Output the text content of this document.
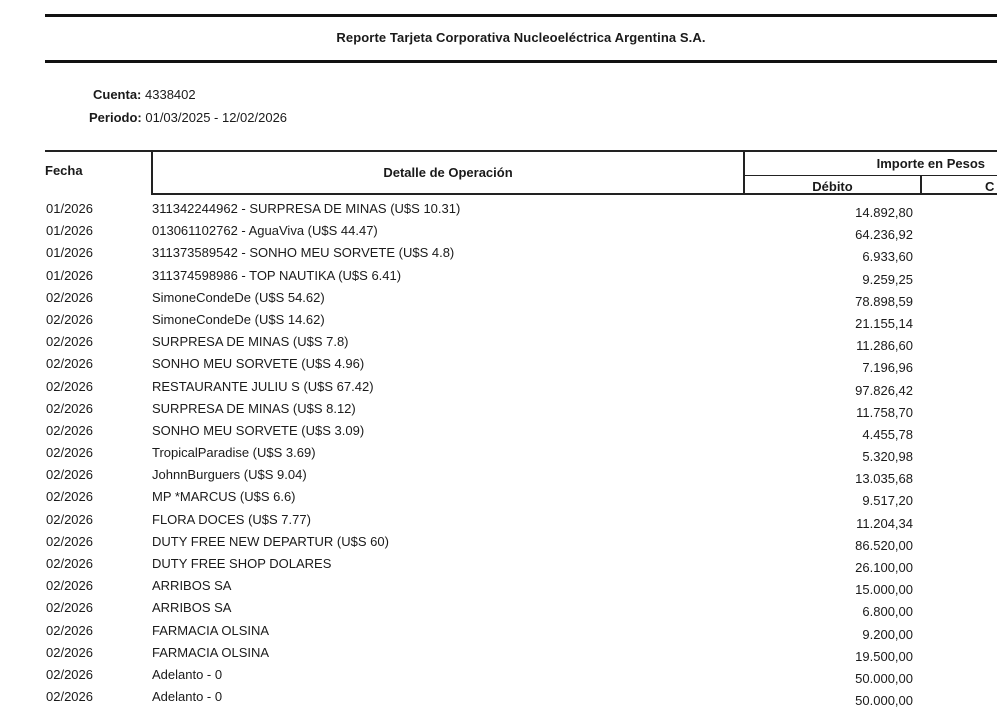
Reporte Tarjeta Corporativa Nucleoeléctrica Argentina S.A.
Cuenta: 4338402
Periodo: 01/03/2025 - 12/02/2026
Fecha	Detalle de Operación
Importe en Pesos
Débito	C
01/2026	311342244962 - SURPRESA DE MINAS (U$S 10.31)	14.892,80
01/2026	013061102762 - AguaViva (U$S 44.47)	64.236,92
01/2026	311373589542 - SONHO MEU SORVETE (U$S 4.8)	6.933,60
01/2026	311374598986 - TOP NAUTIKA (U$S 6.41)	9.259,25
02/2026	SimoneCondeDe (U$S 54.62)	78.898,59
02/2026	SimoneCondeDe (U$S 14.62)	21.155,14
02/2026	SURPRESA DE MINAS (U$S 7.8)	11.286,60
02/2026	SONHO MEU SORVETE (U$S 4.96)	7.196,96
02/2026	RESTAURANTE JULIU S (U$S 67.42)	97.826,42
02/2026	SURPRESA DE MINAS (U$S 8.12)	11.758,70
02/2026	SONHO MEU SORVETE (U$S 3.09)	4.455,78
02/2026	TropicalParadise (U$S 3.69)	5.320,98
02/2026	JohnnBurguers (U$S 9.04)	13.035,68
02/2026	MP *MARCUS (U$S 6.6)	9.517,20
02/2026	FLORA DOCES (U$S 7.77)	11.204,34
02/2026	DUTY FREE NEW DEPARTUR (U$S 60)	86.520,00
02/2026	DUTY FREE SHOP DOLARES	26.100,00
02/2026	ARRIBOS SA	15.000,00
02/2026	ARRIBOS SA	6.800,00
02/2026	FARMACIA OLSINA	9.200,00
02/2026	FARMACIA OLSINA	19.500,00
02/2026	Adelanto - 0	50.000,00
02/2026	Adelanto - 0	50.000,00
